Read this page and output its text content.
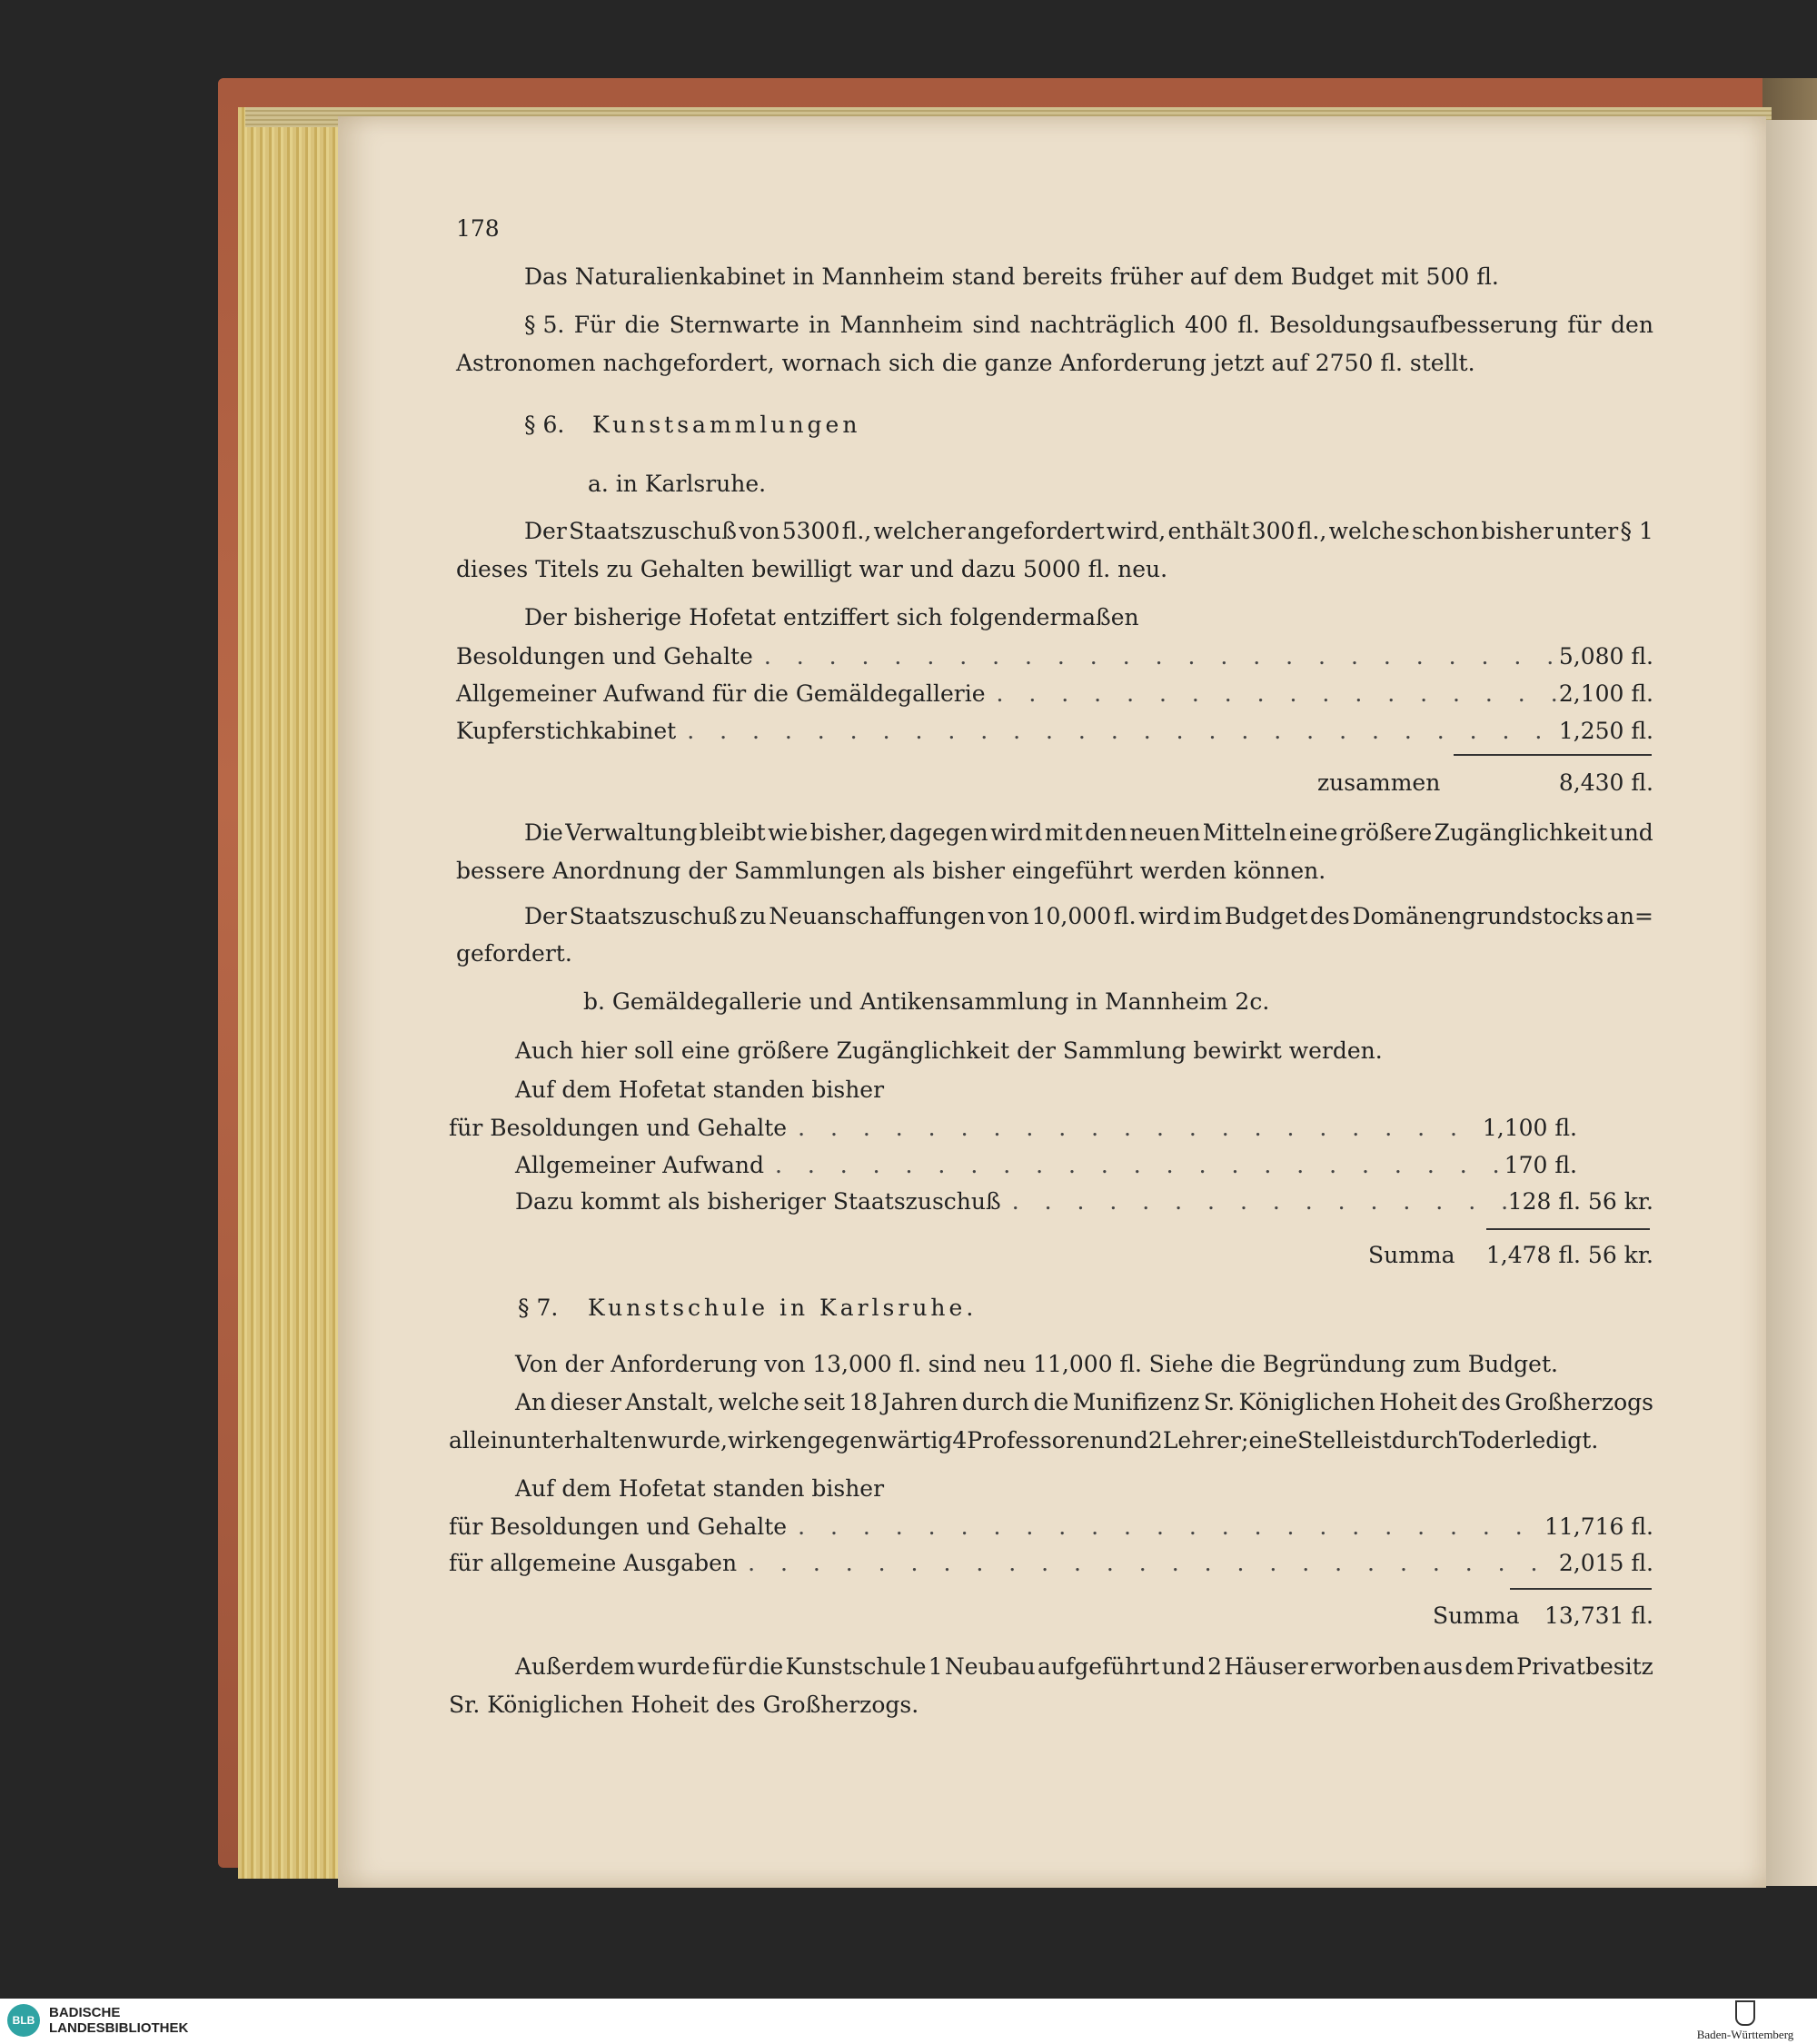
178
Das Naturalienkabinet in Mannheim stand bereits früher auf dem Budget mit 500 fl.
§ 5. Für die Sternwarte in Mannheim sind nachträglich 400 fl. Besoldungsaufbesserung für den
Astronomen nachgefordert, wornach sich die ganze Anforderung jetzt auf 2750 fl. stellt.
§ 6. Kunstsammlungen
a. in Karlsruhe.
Der Staatszuschuß von 5300 fl., welcher angefordert wird, enthält 300 fl., welche schon bisher unter § 1
dieses Titels zu Gehalten bewilligt war und dazu 5000 fl. neu.
Der bisherige Hofetat entziffert sich folgendermaßen
Besoldungen und Gehalte . . .	5,080 fl.
Allgemeiner Aufwand für die Gemäldegallerie . . .	2,100 fl.
Kupferstichkabinet . . .	1,250 fl.
zusammen	8,430 fl.
Die Verwaltung bleibt wie bisher, dagegen wird mit den neuen Mitteln eine größere Zugänglichkeit und
bessere Anordnung der Sammlungen als bisher eingeführt werden können.
Der Staatszuschuß zu Neuanschaffungen von 10,000 fl. wird im Budget des Domänengrundstocks an=
gefordert.
b. Gemäldegallerie und Antikensammlung in Mannheim 2c.
Auch hier soll eine größere Zugänglichkeit der Sammlung bewirkt werden.
Auf dem Hofetat standen bisher
für Besoldungen und Gehalte . . .	1,100 fl.
Allgemeiner Aufwand . . .	170 fl.
Dazu kommt als bisheriger Staatszuschuß . . .	128 fl. 56 kr.
Summa 1,478 fl. 56 kr.
§ 7. Kunstschule in Karlsruhe.
Von der Anforderung von 13,000 fl. sind neu 11,000 fl. Siehe die Begründung zum Budget.
An dieser Anstalt, welche seit 18 Jahren durch die Munifizenz Sr. Königlichen Hoheit des Großherzogs
allein unterhalten wurde, wirken gegenwärtig 4 Professoren und 2 Lehrer; eine Stelle ist durch Tod erledigt.
Auf dem Hofetat standen bisher
für Besoldungen und Gehalte . . .	11,716 fl.
für allgemeine Ausgaben . . .	2,015 fl.
Summa	13,731 fl.
Außerdem wurde für die Kunstschule 1 Neubau aufgeführt und 2 Häuser erworben aus dem Privatbesitz
Sr. Königlichen Hoheit des Großherzogs.
BLB	BADISCHE
LANDESBIBLIOTHEK	Baden-Württemberg
